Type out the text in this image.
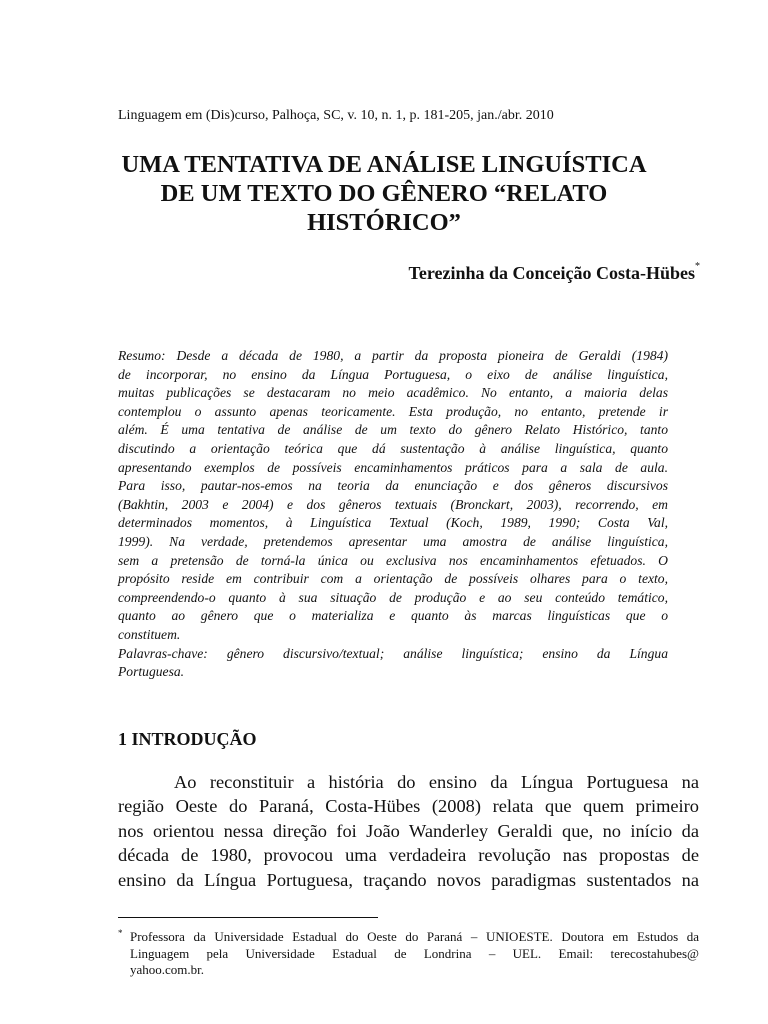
Linguagem em (Dis)curso, Palhoça, SC, v. 10, n. 1, p. 181-205, jan./abr. 2010
UMA TENTATIVA DE ANÁLISE LINGUÍSTICA
DE UM TEXTO DO GÊNERO “RELATO
HISTÓRICO”
Terezinha da Conceição Costa-Hübes*
Resumo: Desde a década de 1980, a partir da proposta pioneira de Geraldi (1984)
de incorporar, no ensino da Língua Portuguesa, o eixo de análise linguística,
muitas publicações se destacaram no meio acadêmico. No entanto, a maioria delas
contemplou o assunto apenas teoricamente. Esta produção, no entanto, pretende ir
além. É uma tentativa de análise de um texto do gênero Relato Histórico, tanto
discutindo a orientação teórica que dá sustentação à análise linguística, quanto
apresentando exemplos de possíveis encaminhamentos práticos para a sala de aula.
Para isso, pautar-nos-emos na teoria da enunciação e dos gêneros discursivos
(Bakhtin, 2003 e 2004) e dos gêneros textuais (Bronckart, 2003), recorrendo, em
determinados momentos, à Linguística Textual (Koch, 1989, 1990; Costa Val,
1999). Na verdade, pretendemos apresentar uma amostra de análise linguística,
sem a pretensão de torná-la única ou exclusiva nos encaminhamentos efetuados. O
propósito reside em contribuir com a orientação de possíveis olhares para o texto,
compreendendo-o quanto à sua situação de produção e ao seu conteúdo temático,
quanto ao gênero que o materializa e quanto às marcas linguísticas que o
constituem.
Palavras-chave: gênero discursivo/textual; análise linguística; ensino da Língua
Portuguesa.
1 INTRODUÇÃO
Ao reconstituir a história do ensino da Língua Portuguesa na
região Oeste do Paraná, Costa-Hübes (2008) relata que quem primeiro
nos orientou nessa direção foi João Wanderley Geraldi que, no início da
década de 1980, provocou uma verdadeira revolução nas propostas de
ensino da Língua Portuguesa, traçando novos paradigmas sustentados na
* Professora da Universidade Estadual do Oeste do Paraná – UNIOESTE. Doutora em Estudos da
Linguagem pela Universidade Estadual de Londrina – UEL. Email: terecostahubes@
yahoo.com.br.
